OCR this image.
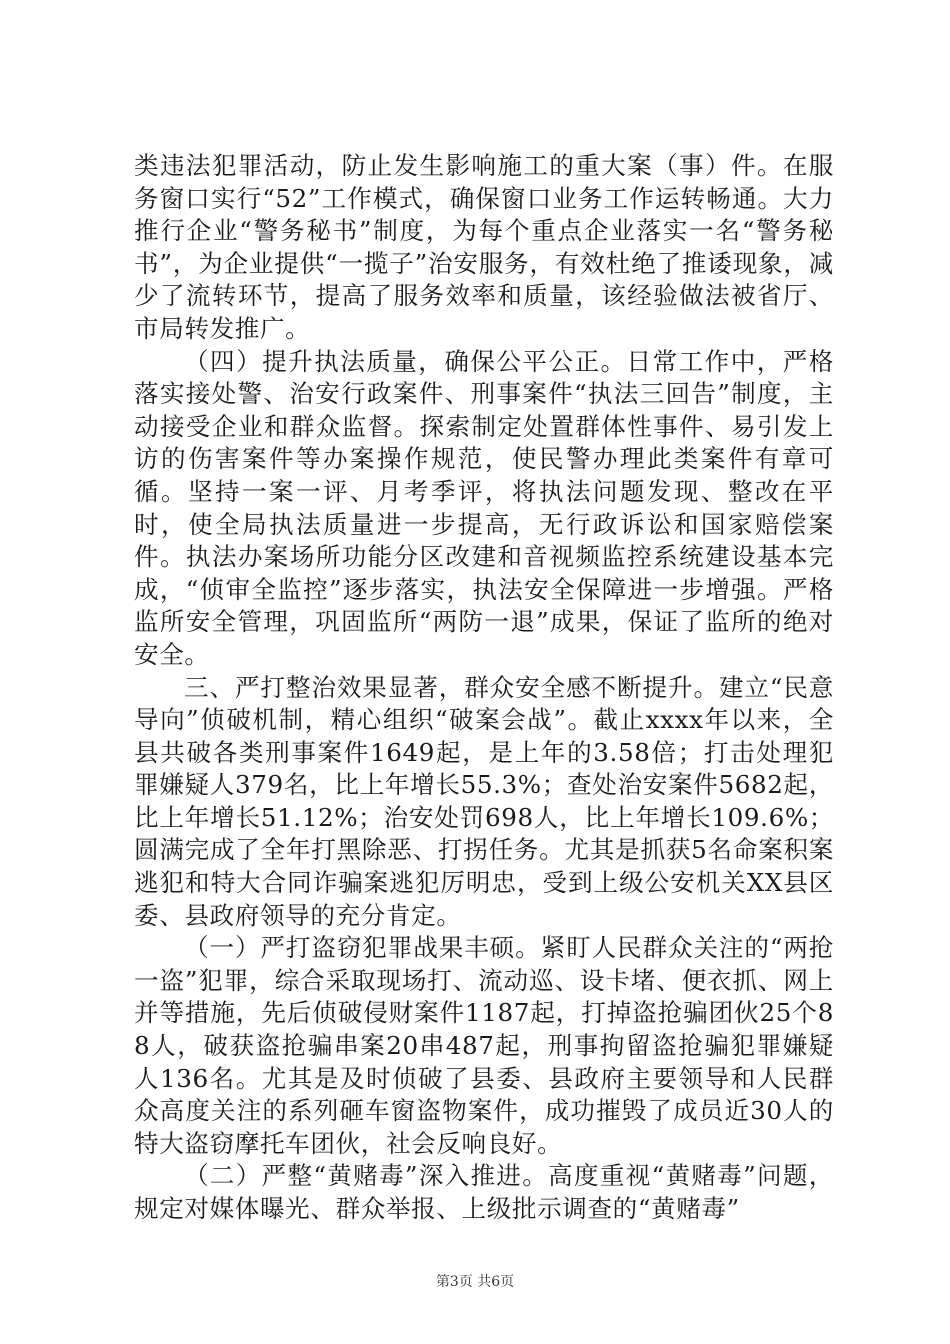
类违法犯罪活动，防止发生影响施工的重大案（事）件。在服务窗口实行“52”工作模式，确保窗口业务工作运转畅通。大力推行企业“警务秘书”制度，为每个重点企业落实一名“警务秘书”，为企业提供“一揽子”治安服务，有效杜绝了推诿现象，减少了流转环节，提高了服务效率和质量，该经验做法被省厅、市局转发推广。

（四）提升执法质量，确保公平公正。日常工作中，严格落实接处警、治安行政案件、刑事案件“执法三回告”制度，主动接受企业和群众监督。探索制定处置群体性事件、易引发上访的伤害案件等办案操作规范，使民警办理此类案件有章可循。坚持一案一评、月考季评，将执法问题发现、整改在平时，使全局执法质量进一步提高，无行政诉讼和国家赔偿案件。执法办案场所功能分区改建和音视频监控系统建设基本完成，“侦审全监控”逐步落实，执法安全保障进一步增强。严格监所安全管理，巩固监所“两防一退”成果，保证了监所的绝对安全。

三、严打整治效果显著，群众安全感不断提升。建立“民意导向”侦破机制，精心组织“破案会战”。截止xxxx年以来，全县共破各类刑事案件1649起，是上年的3.58倍；打击处理犯罪嫌疑人379名，比上年增长55.3%；查处治安案件5682起，比上年增长51.12%；治安处罚698人，比上年增长109.6%；圆满完成了全年打黑除恶、打拐任务。尤其是抓获5名命案积案逃犯和特大合同诈骗案逃犯厉明忠，受到上级公安机关XX县区委、县政府领导的充分肯定。

（一）严打盗窃犯罪战果丰硕。紧盯人民群众关注的“两抢一盗”犯罪，综合采取现场打、流动巡、设卡堵、便衣抓、网上并等措施，先后侦破侵财案件1187起，打掉盗抢骗团伙25个88人，破获盗抢骗串案20串487起，刑事拘留盗抢骗犯罪嫌疑人136名。尤其是及时侦破了县委、县政府主要领导和人民群众高度关注的系列砸车窗盗物案件，成功摧毁了成员近30人的特大盗窃摩托车团伙，社会反响良好。

（二）严整“黄赌毒”深入推进。高度重视“黄赌毒”问题，规定对媒体曝光、群众举报、上级批示调查的“黄赌毒”

第3页 共6页
